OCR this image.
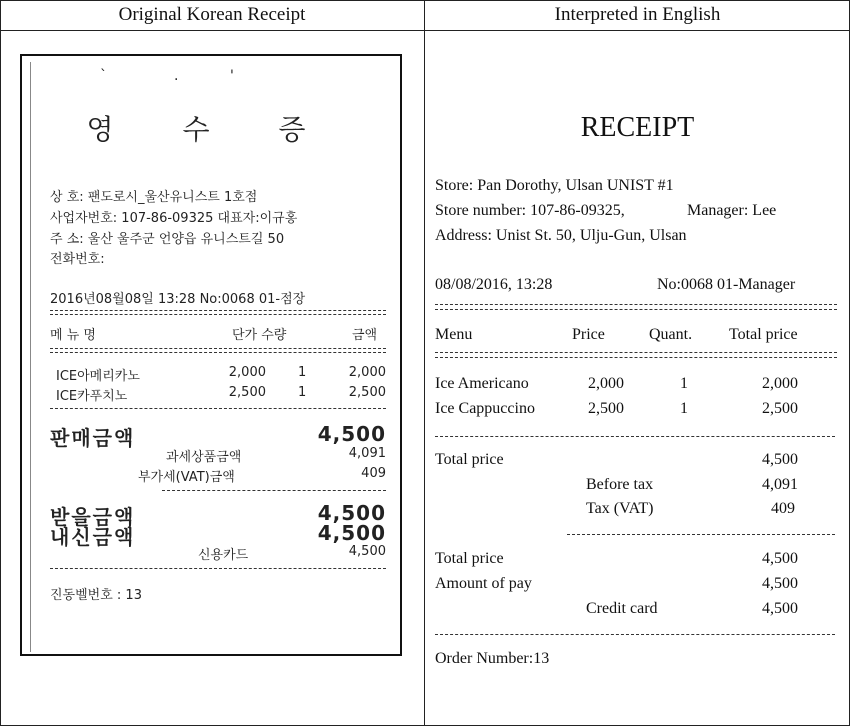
Original Korean Receipt	Interpreted in English
`	·	'
영 수 증
상 호: 팬도로시_울산유니스트 1호점
사업자번호: 107-86-09325 대표자:이규홍
주 소: 울산 울주군 언양읍 유니스트길 50
전화번호:
2016년08월08일 13:28 No:0068 01-점장
메 뉴 명	단가 수량	금액
ICE아메리카노	2,000 1	2,000
ICE카푸치노	2,500 1	2,500
판매금액	4,500
과세상품금액	4,091
부가세(VAT)금액	409
받을금액	4,500
내신금액	4,500
신용카드	4,500
진동벨번호 : 13
RECEIPT
Store: Pan Dorothy, Ulsan UNIST #1
Store number: 107-86-09325,	Manager: Lee
Address: Unist St. 50, Ulju-Gun, Ulsan
08/08/2016, 13:28	No:0068 01-Manager
Menu	Price	Quant. Total price
Ice Americano	2,000	1	2,000
Ice Cappuccino	2,500	1	2,500
Total price	4,500
Before tax	4,091
Tax (VAT)	409
Total price	4,500
Amount of pay	4,500
Credit card	4,500
Order Number:13
